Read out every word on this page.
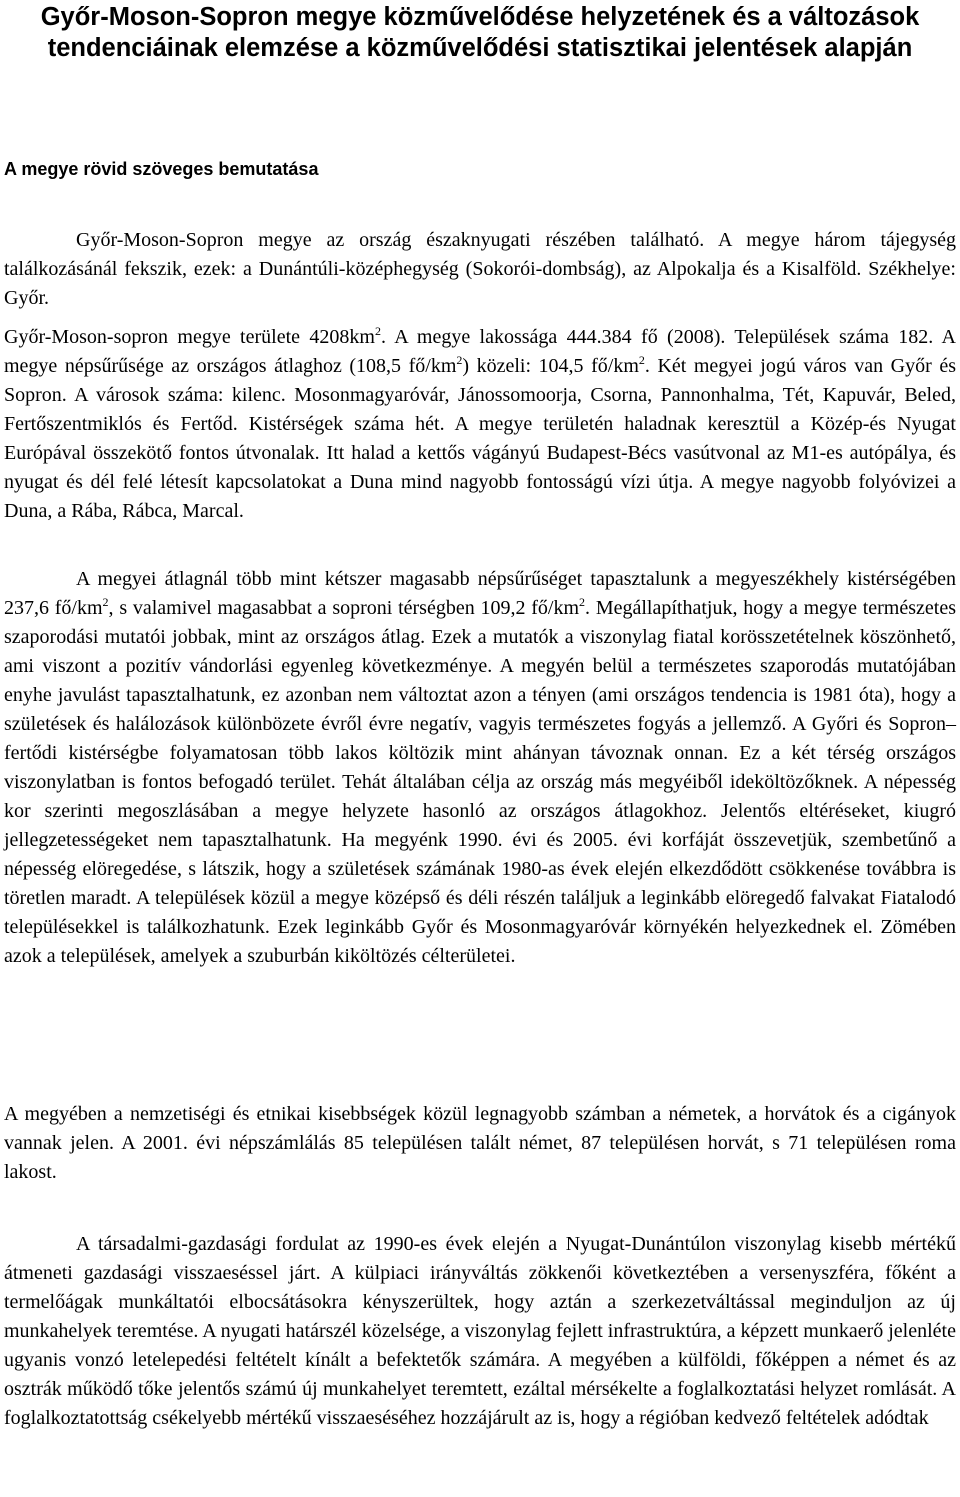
Győr-Moson-Sopron megye közművelődése helyzetének és a változások tendenciáinak elemzése a közművelődési statisztikai jelentések alapján
A megye rövid szöveges bemutatása

Győr-Moson-Sopron megye az ország északnyugati részében található. A megye három tájegység találkozásánál fekszik, ezek: a Dunántúli-középhegység (Sokorói-dombság), az Alpokalja és a Kisalföld. Székhelye: Győr.

Győr-Moson-sopron megye területe $4208km^2$. A megye lakossága 444.384 fő (2008). Települések száma 182. A megye népsűrűsége az országos átlaghoz (108,5 $fő/km^2$) közeli: 104,5 $fő/km^2$. Két megyei jogú város van Győr és Sopron. A városok száma: kilenc. Mosonmagyaróvár, Jánossomoorja, Csorna, Pannonhalma, Tét, Kapuvár, Beled, Fertőszentmiklós és Fertőd. Kistérségek száma hét. A megye területén haladnak keresztül a Közép-és Nyugat Európával összekötő fontos útvonalak. Itt halad a kettős vágányú Budapest-Bécs vasútvonal az M1-es autópálya, és nyugat és dél felé létesít kapcsolatokat a Duna mind nagyobb fontosságú vízi útja. A megye nagyobb folyóvizei a Duna, a Rába, Rábca, Marcal.

A megyei átlagnál több mint kétszer magasabb népsűrűséget tapasztalunk a megyeszékhely kistérségében 237,6 $fő/km^2$, s valamivel magasabbat a soproni térségben 109,2 $fő/km^2$. Megállapíthatjuk, hogy a megye természetes szaporodási mutatói jobbak, mint az országos átlag. Ezek a mutatók a viszonylag fiatal korösszetételnek köszönhető, ami viszont a pozitív vándorlási egyenleg következménye. A megyén belül a természetes szaporodás mutatójában enyhe javulást tapasztalhatunk, ez azonban nem változtat azon a tényen (ami országos tendencia is 1981 óta), hogy a születések és halálozások különbözete évről évre negatív, vagyis természetes fogyás a jellemző. A Győri és Sopron–fertődi kistérségbe folyamatosan több lakos költözik mint ahányan távoznak onnan. Ez a két térség országos viszonylatban is fontos befogadó terület. Tehát általában célja az ország más megyéiből ideköltözőknek. A népesség kor szerinti megoszlásában a megye helyzete hasonló az országos átlagokhoz. Jelentős eltéréseket, kiugró jellegzetességeket nem tapasztalhatunk. Ha megyénk 1990. évi és 2005. évi korfáját összevetjük, szembetűnő a népesség elöregedése, s látszik, hogy a születések számának 1980-as évek elején elkezdődött csökkenése továbbra is töretlen maradt. A települések közül a megye középső és déli részén találjuk a leginkább elöregedő falvakat Fiatalodó településekkel is találkozhatunk. Ezek leginkább Győr és Mosonmagyaróvár környékén helyezkednek el. Zömében azok a települések, amelyek a szuburbán kiköltözés célterületei.

A megyében a nemzetiségi és etnikai kisebbségek közül legnagyobb számban a németek, a horvátok és a cigányok vannak jelen. A 2001. évi népszámlálás 85 településen talált német, 87 településen horvát, s 71 településen roma lakost.

A társadalmi-gazdasági fordulat az 1990-es évek elején a Nyugat-Dunántúlon viszonylag kisebb mértékű átmeneti gazdasági visszaeséssel járt. A külpiaci irányváltás zökkenői következtében a versenyszféra, főként a termelőágak munkáltatói elbocsátásokra kényszerültek, hogy aztán a szerkezetváltással meginduljon az új munkahelyek teremtése. A nyugati határszél közelsége, a viszonylag fejlett infrastruktúra, a képzett munkaerő jelenléte ugyanis vonzó letelepedési feltételt kínált a befektetők számára. A megyében a külföldi, főképpen a német és az osztrák működő tőke jelentős számú új munkahelyet teremtett, ezáltal mérsékelte a foglalkoztatási helyzet romlását. A foglalkoztatottság csékelyebb mértékű visszaeséséhez hozzájárult az is, hogy a régióban kedvező feltételek adódtak
